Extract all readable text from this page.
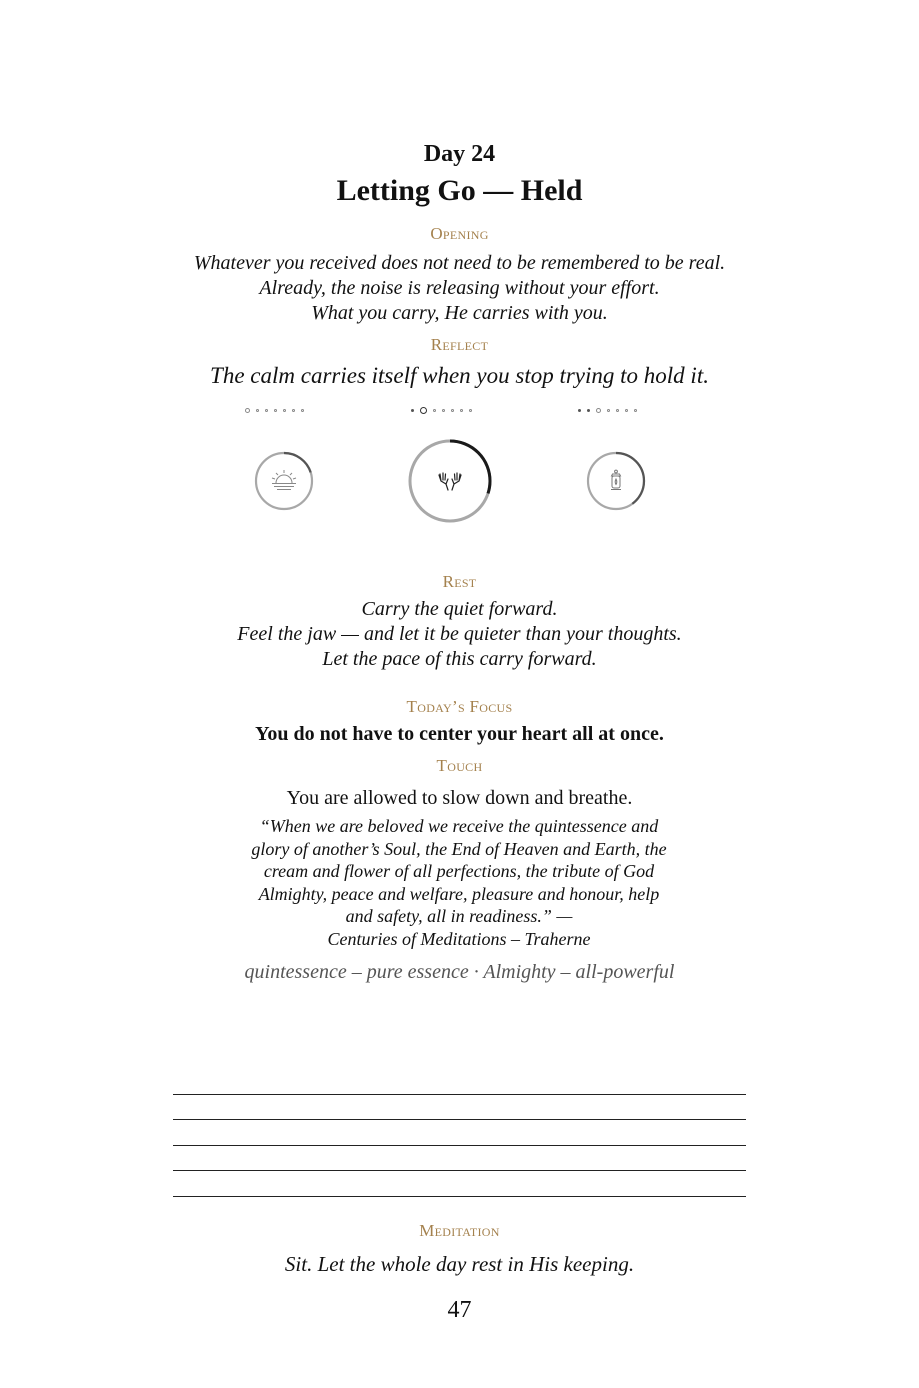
Day 24
Letting Go — Held
Opening
Whatever you received does not need to be remembered to be real.
Already, the noise is releasing without your effort.
What you carry, He carries with you.
Reflect
The calm carries itself when you stop trying to hold it.
Rest
Carry the quiet forward.
Feel the jaw — and let it be quieter than your thoughts.
Let the pace of this carry forward.
Today’s Focus
You do not have to center your heart all at once.
Touch
You are allowed to slow down and breathe.
“When we are beloved we receive the quintessence and
glory of another’s Soul, the End of Heaven and Earth, the
cream and flower of all perfections, the tribute of God
Almighty, peace and welfare, pleasure and honour, help
and safety, all in readiness.” —
Centuries of Meditations – Traherne
quintessence – pure essence · Almighty – all-powerful
Meditation
Sit. Let the whole day rest in His keeping.
47
